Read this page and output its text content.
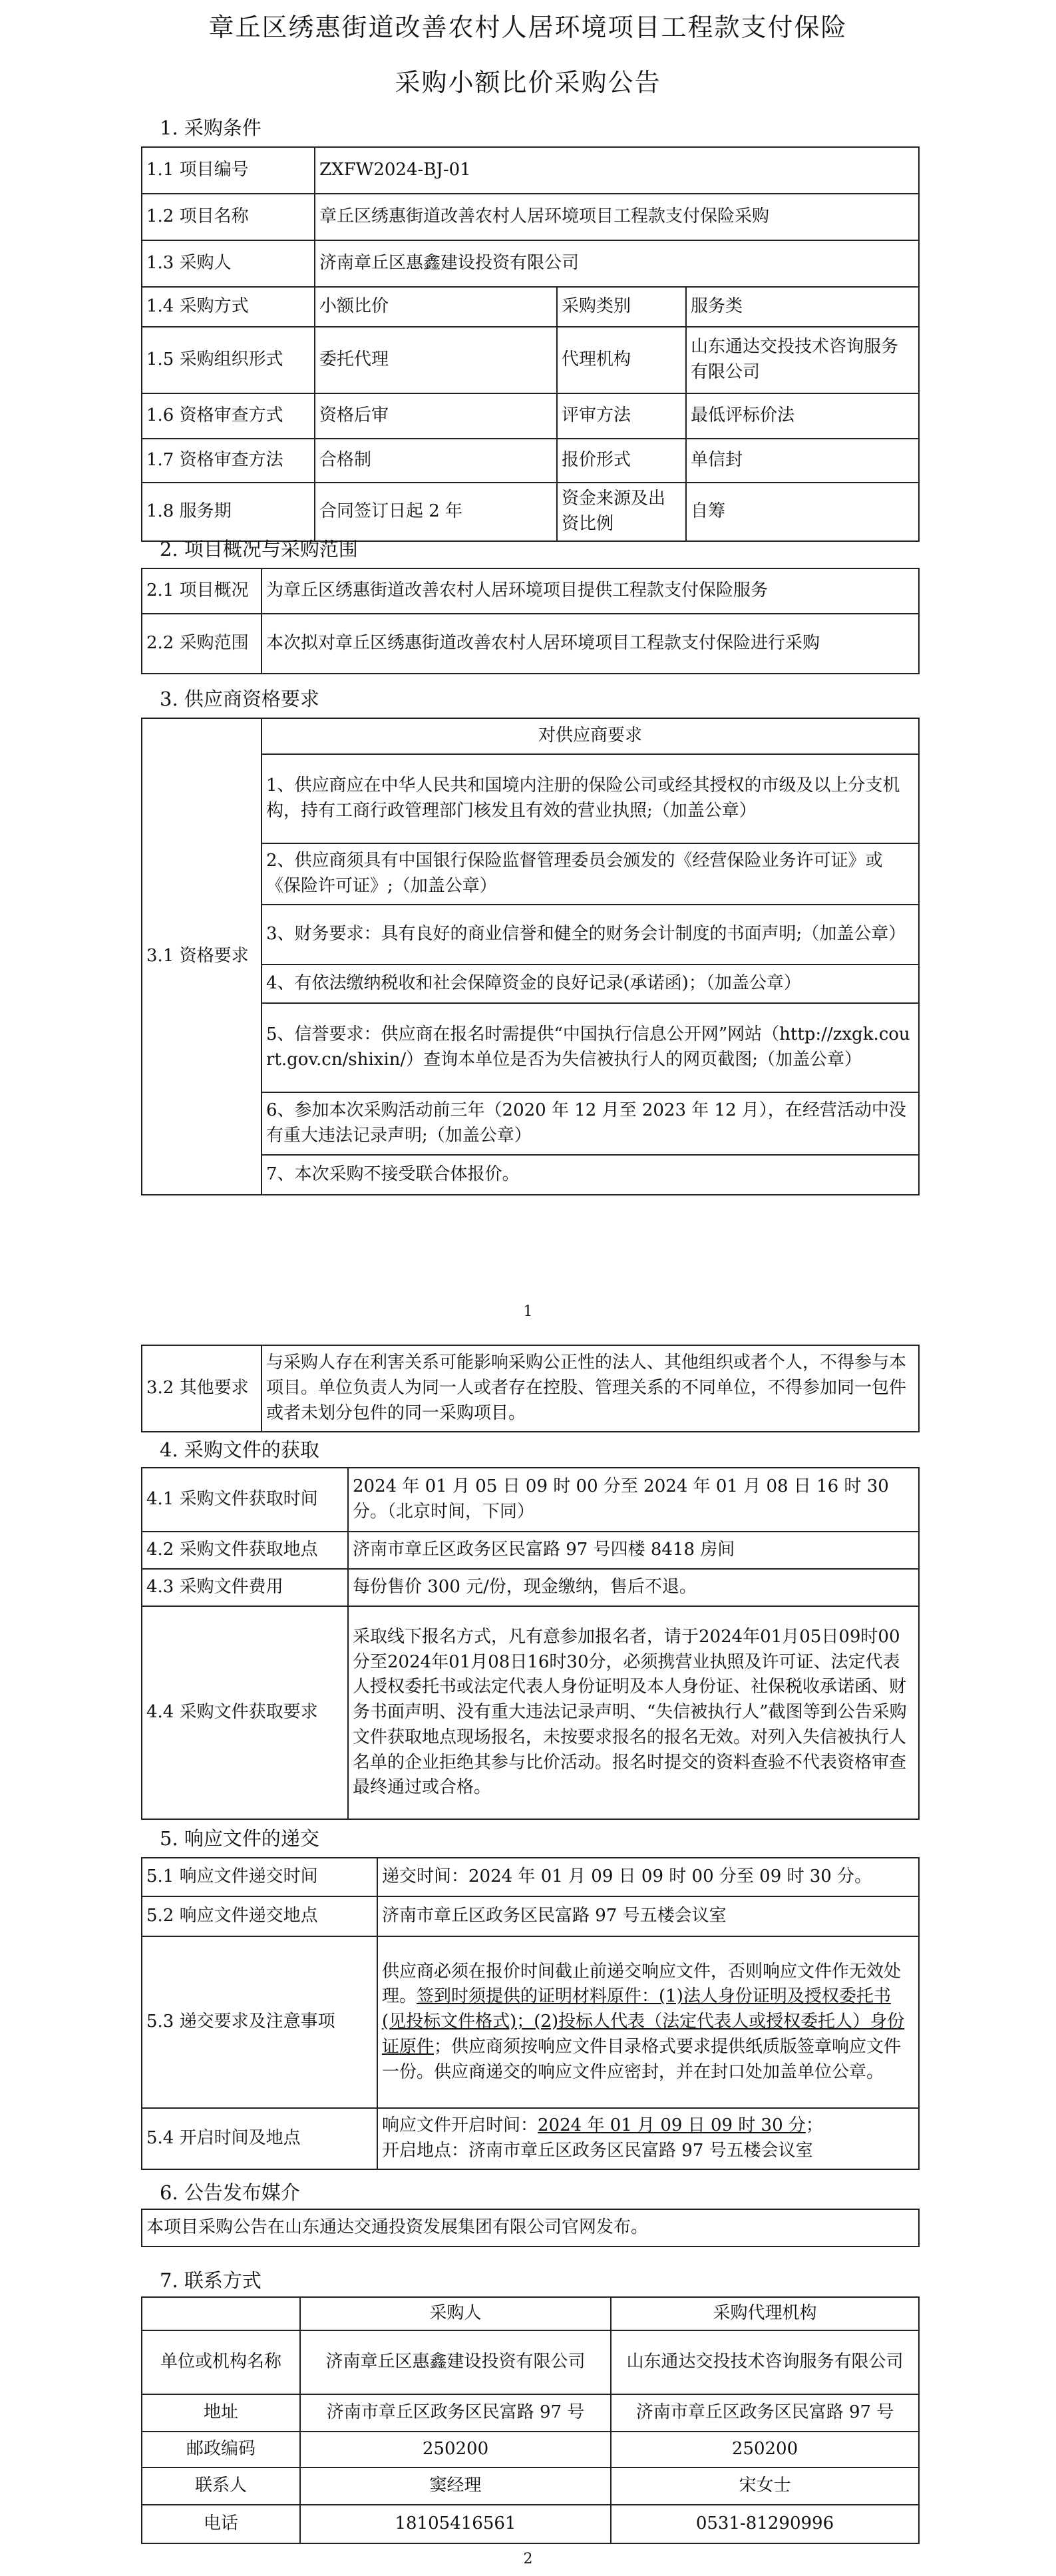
章丘区绣惠街道改善农村人居环境项目工程款支付保险
采购小额比价采购公告
1. 采购条件
1.1 项目编号	ZXFW2024-BJ-01		
1.2 项目名称	章丘区绣惠街道改善农村人居环境项目工程款支付保险采购		
1.3 采购人	济南章丘区惠鑫建设投资有限公司		
1.4 采购方式	小额比价	采购类别	服务类
1.5 采购组织形式	委托代理	代理机构	山东通达交投技术咨询服务有限公司
1.6 资格审查方式	资格后审	评审方法	最低评标价法
1.7 资格审查方法	合格制	报价形式	单信封
1.8 服务期	合同签订日起 2 年	资金来源及出资比例	自筹
2. 项目概况与采购范围
2.1 项目概况	为章丘区绣惠街道改善农村人居环境项目提供工程款支付保险服务
2.2 采购范围	本次拟对章丘区绣惠街道改善农村人居环境项目工程款支付保险进行采购
3. 供应商资格要求
3.1 资格要求	对供应商要求
1、供应商应在中华人民共和国境内注册的保险公司或经其授权的市级及以上分支机构，持有工商行政管理部门核发且有效的营业执照;（加盖公章）
2、供应商须具有中国银行保险监督管理委员会颁发的《经营保险业务许可证》或《保险许可证》;（加盖公章）
3、财务要求：具有良好的商业信誉和健全的财务会计制度的书面声明;（加盖公章）
4、有依法缴纳税收和社会保障资金的良好记录(承诺函)；（加盖公章）
5、信誉要求：供应商在报名时需提供“中国执行信息公开网”网站（http://zxgk.court.gov.cn/shixin/）查询本单位是否为失信被执行人的网页截图;（加盖公章）
6、参加本次采购活动前三年（2020 年 12 月至 2023 年 12 月），在经营活动中没有重大违法记录声明;（加盖公章）
7、本次采购不接受联合体报价。
1
3.2 其他要求	与采购人存在利害关系可能影响采购公正性的法人、其他组织或者个人，不得参与本项目。单位负责人为同一人或者存在控股、管理关系的不同单位，不得参加同一包件或者未划分包件的同一采购项目。
4. 采购文件的获取
4.1 采购文件获取时间	2024 年 01 月 05 日 09 时 00 分至 2024 年 01 月 08 日 16 时 30 分。（北京时间，下同）
4.2 采购文件获取地点	济南市章丘区政务区民富路 97 号四楼 8418 房间
4.3 采购文件费用	每份售价 300 元/份，现金缴纳，售后不退。
4.4 采购文件获取要求	采取线下报名方式，凡有意参加报名者，请于2024年01月05日09时00分至2024年01月08日16时30分，必须携营业执照及许可证、法定代表人授权委托书或法定代表人身份证明及本人身份证、社保税收承诺函、财务书面声明、没有重大违法记录声明、“失信被执行人”截图等到公告采购文件获取地点现场报名，未按要求报名的报名无效。对列入失信被执行人名单的企业拒绝其参与比价活动。报名时提交的资料查验不代表资格审查最终通过或合格。
5. 响应文件的递交
5.1 响应文件递交时间	递交时间：2024 年 01 月 09 日 09 时 00 分至 09 时 30 分。
5.2 响应文件递交地点	济南市章丘区政务区民富路 97 号五楼会议室
5.3 递交要求及注意事项	供应商必须在报价时间截止前递交响应文件，否则响应文件作无效处理。签到时须提供的证明材料原件：(1)法人身份证明及授权委托书(见投标文件格式)；(2)投标人代表（法定代表人或授权委托人）身份证原件；供应商须按响应文件目录格式要求提供纸质版签章响应文件一份。供应商递交的响应文件应密封，并在封口处加盖单位公章。
5.4 开启时间及地点	响应文件开启时间：2024 年 01 月 09 日 09 时 30 分；
开启地点：济南市章丘区政务区民富路 97 号五楼会议室
6. 公告发布媒介
本项目采购公告在山东通达交通投资发展集团有限公司官网发布。
7. 联系方式
	采购人	采购代理机构
单位或机构名称	济南章丘区惠鑫建设投资有限公司	山东通达交投技术咨询服务有限公司
地址	济南市章丘区政务区民富路 97 号	济南市章丘区政务区民富路 97 号
邮政编码	250200	250200
联系人	窦经理	宋女士
电话	18105416561	0531-81290996
2
